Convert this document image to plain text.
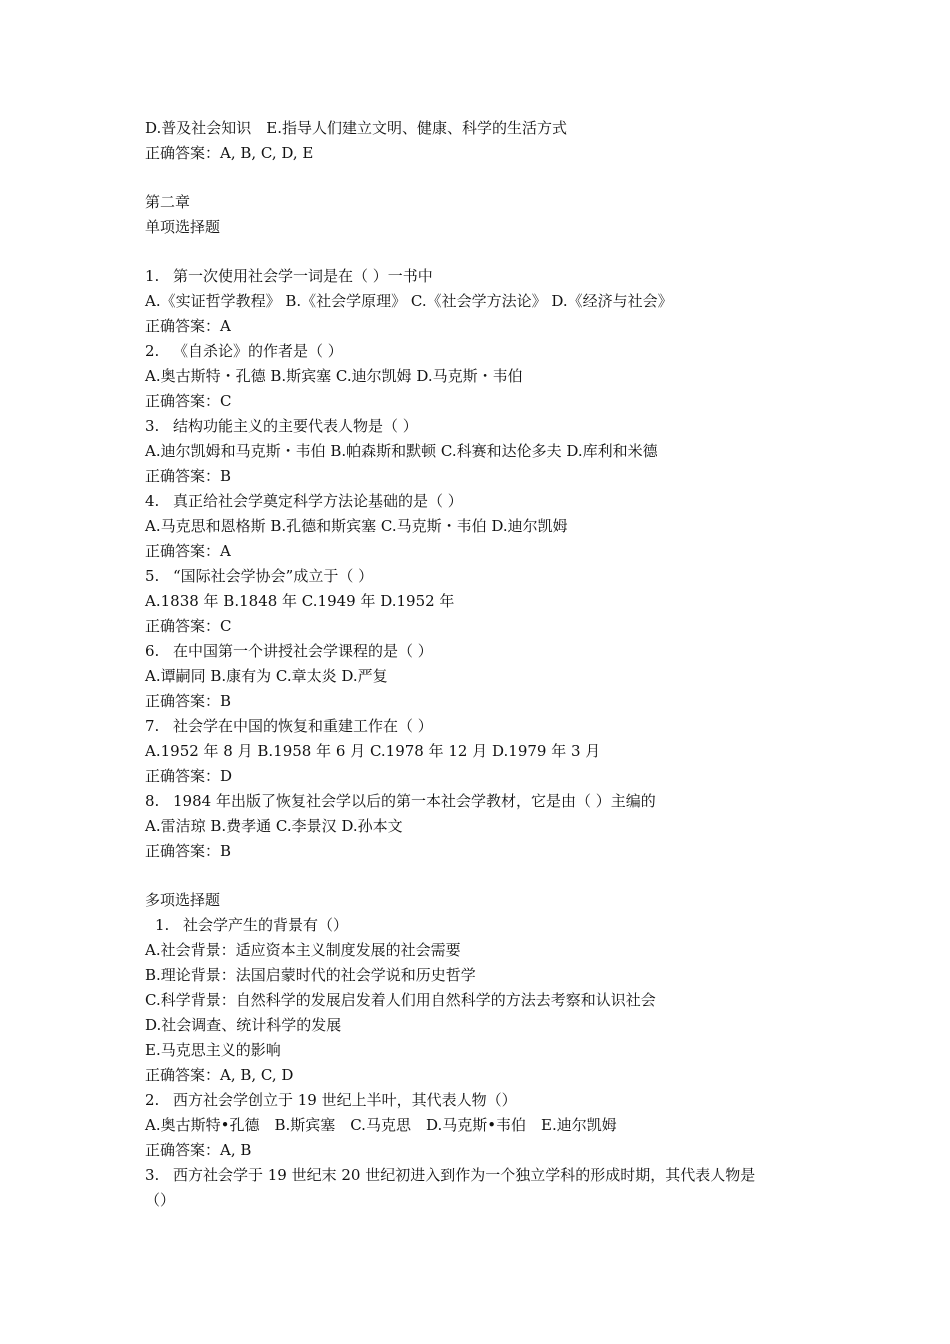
D.普及社会知识　E.指导人们建立文明、健康、科学的生活方式
正确答案：A, B, C, D, E
第二章
单项选择题
1. 第一次使用社会学一词是在（ ）一书中
A.《实证哲学教程》 B.《社会学原理》 C.《社会学方法论》 D.《经济与社会》
正确答案：A
2. 《自杀论》的作者是（ ）
A.奥古斯特・孔德 B.斯宾塞 C.迪尔凯姆 D.马克斯・韦伯
正确答案：C
3. 结构功能主义的主要代表人物是（ ）
A.迪尔凯姆和马克斯・韦伯 B.帕森斯和默顿 C.科赛和达伦多夫 D.库利和米德
正确答案：B
4. 真正给社会学奠定科学方法论基础的是（ ）
A.马克思和恩格斯 B.孔德和斯宾塞 C.马克斯・韦伯 D.迪尔凯姆
正确答案：A
5. “国际社会学协会”成立于（ ）
A.1838 年 B.1848 年 C.1949 年 D.1952 年
正确答案：C
6. 在中国第一个讲授社会学课程的是（ ）
A.谭嗣同 B.康有为 C.章太炎 D.严复
正确答案：B
7. 社会学在中国的恢复和重建工作在（ ）
A.1952 年 8 月 B.1958 年 6 月 C.1978 年 12 月 D.1979 年 3 月
正确答案：D
8. 1984 年出版了恢复社会学以后的第一本社会学教材，它是由（ ）主编的
A.雷洁琼 B.费孝通 C.李景汉 D.孙本文
正确答案：B
多项选择题
1. 社会学产生的背景有（）
A.社会背景：适应资本主义制度发展的社会需要
B.理论背景：法国启蒙时代的社会学说和历史哲学
C.科学背景：自然科学的发展启发着人们用自然科学的方法去考察和认识社会
D.社会调查、统计科学的发展
E.马克思主义的影响
正确答案：A, B, C, D
2. 西方社会学创立于 19 世纪上半叶，其代表人物（）
A.奥古斯特•孔德　B.斯宾塞　C.马克思　D.马克斯•韦伯　E.迪尔凯姆
正确答案：A, B
3. 西方社会学于 19 世纪末 20 世纪初进入到作为一个独立学科的形成时期，其代表人物是
（）
